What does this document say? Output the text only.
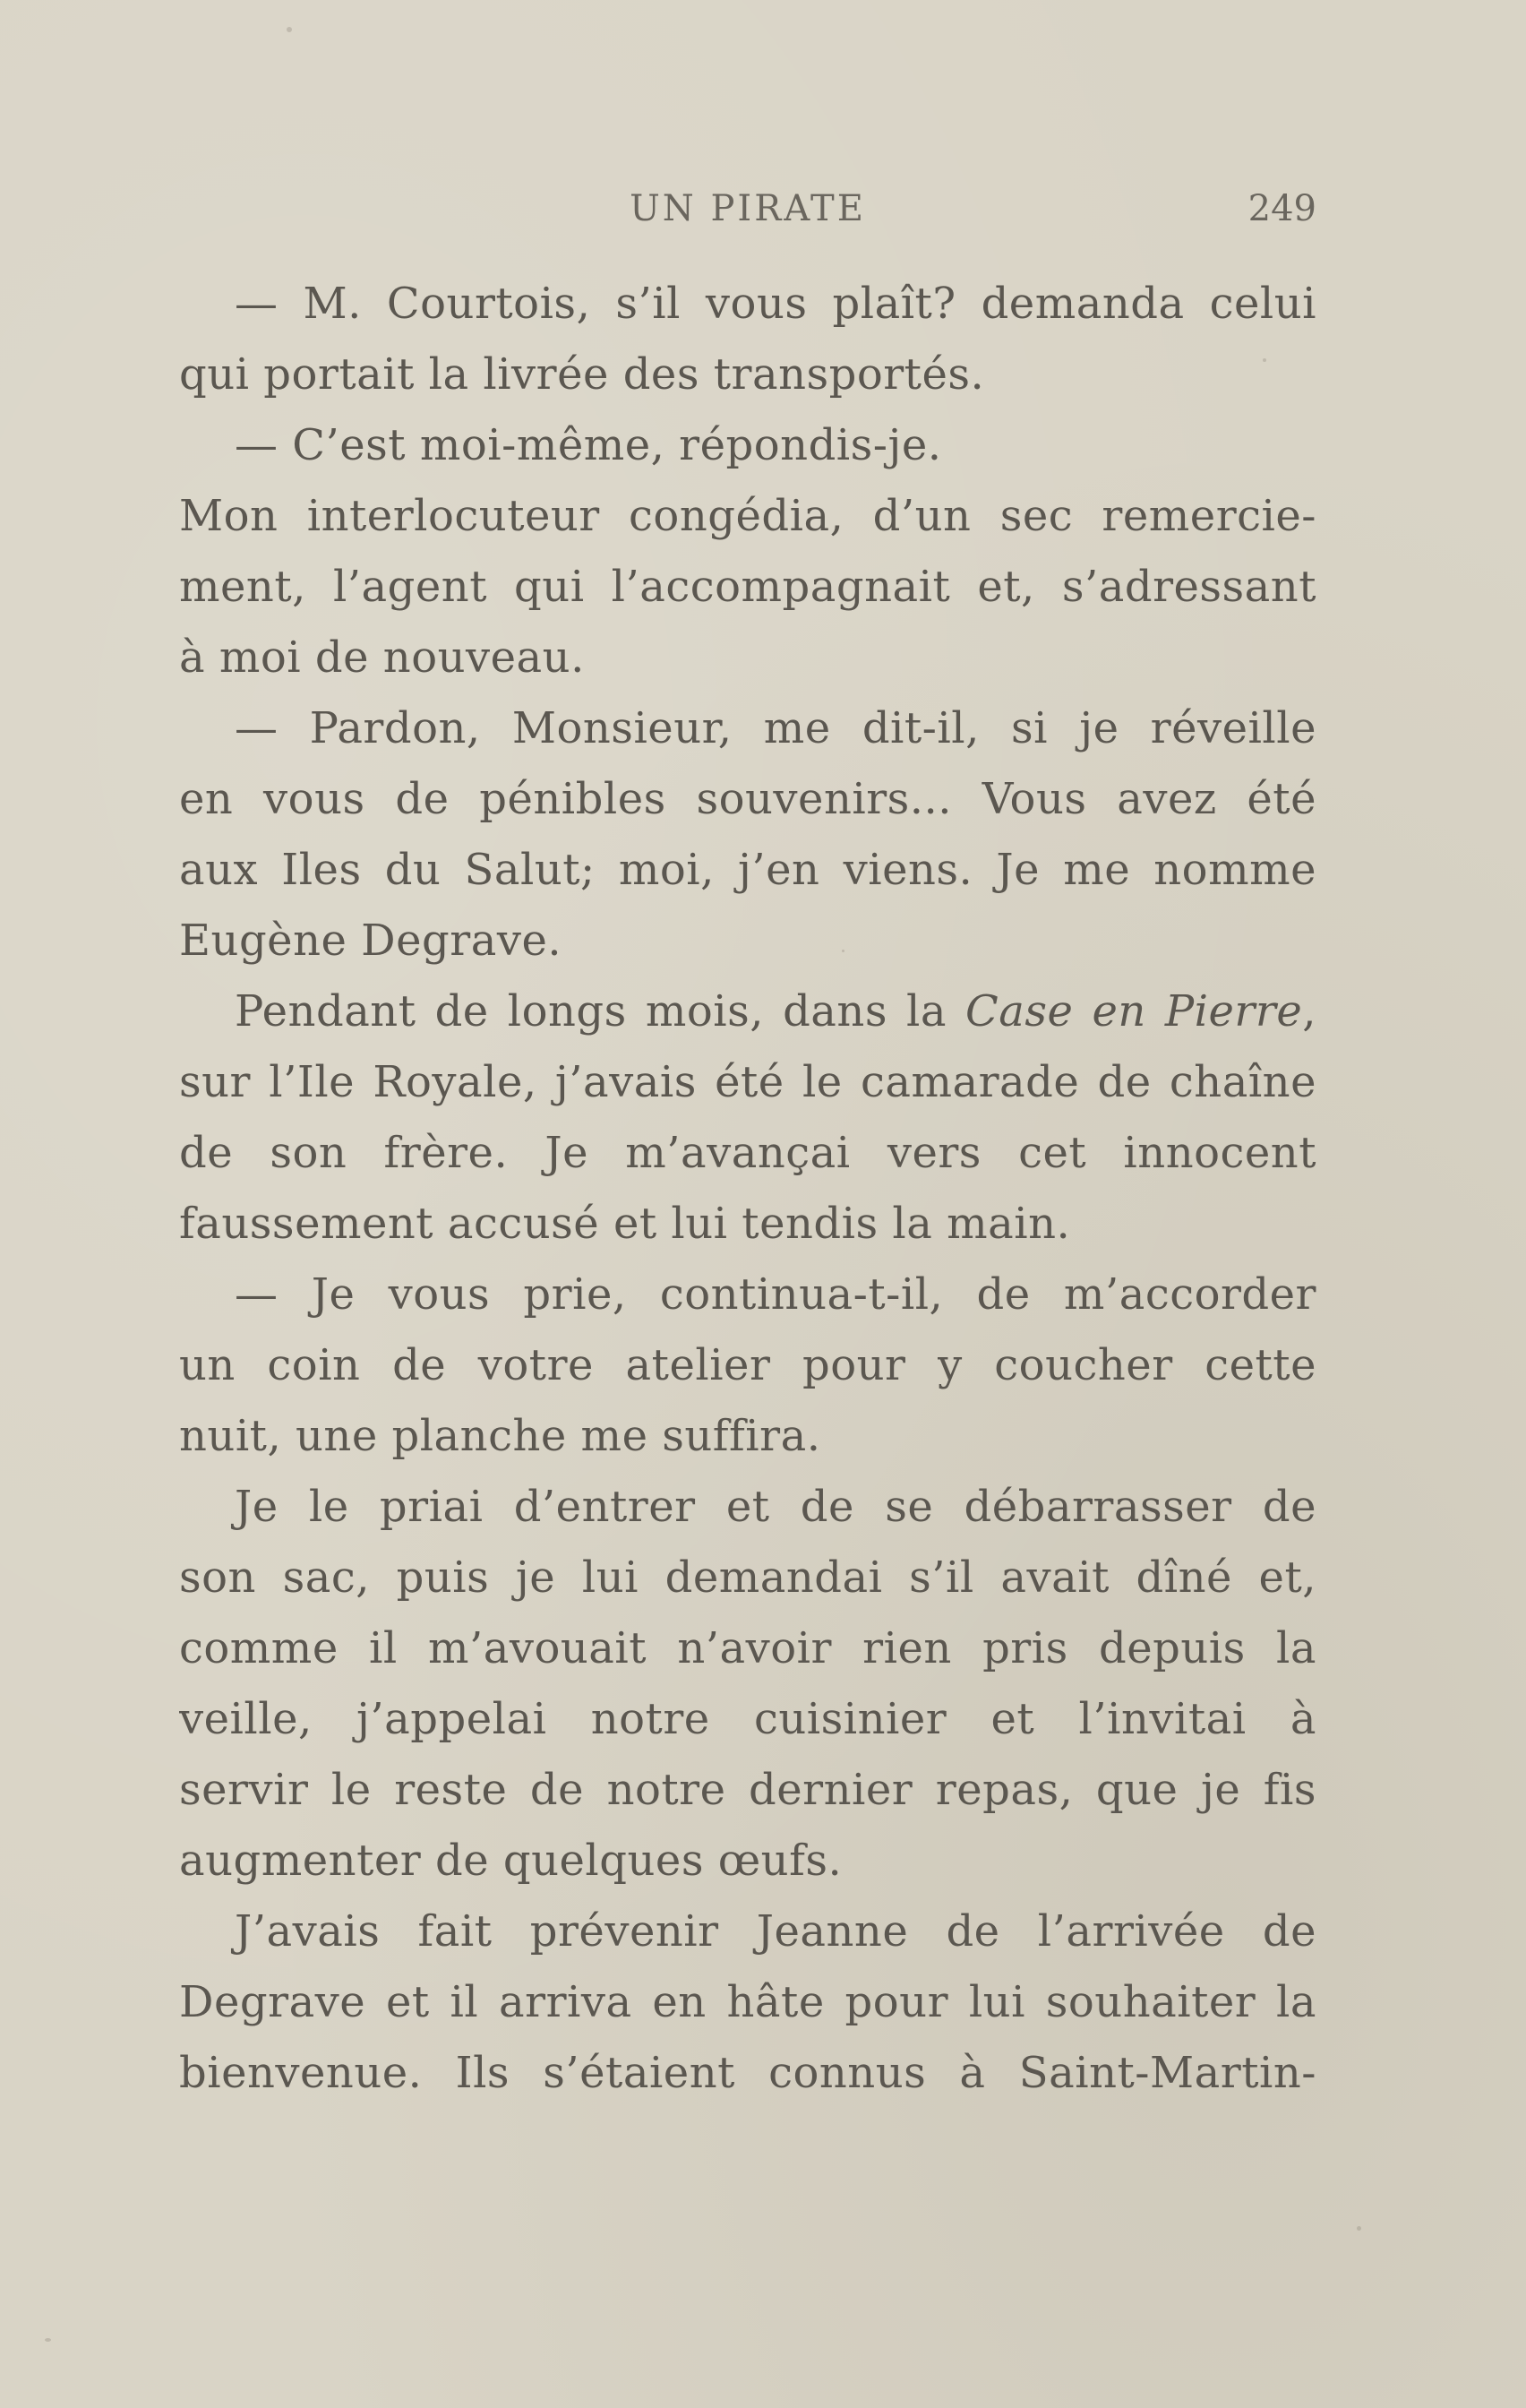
UN PIRATE	249
— M. Courtois, s’il vous plaît? demanda celui
qui portait la livrée des transportés.
— C’est moi-même, répondis-je.
Mon interlocuteur congédia, d’un sec remercie-
ment, l’agent qui l’accompagnait et, s’adressant
à moi de nouveau.
— Pardon, Monsieur, me dit-il, si je réveille
en vous de pénibles souvenirs... Vous avez été
aux Iles du Salut; moi, j’en viens. Je me nomme
Eugène Degrave.
Pendant de longs mois, dans la Case en Pierre,
sur l’Ile Royale, j’avais été le camarade de chaîne
de son frère. Je m’avançai vers cet innocent
faussement accusé et lui tendis la main.
— Je vous prie, continua-t-il, de m’accorder
un coin de votre atelier pour y coucher cette
nuit, une planche me suffira.
Je le priai d’entrer et de se débarrasser de
son sac, puis je lui demandai s’il avait dîné et,
comme il m’avouait n’avoir rien pris depuis la
veille, j’appelai notre cuisinier et l’invitai à
servir le reste de notre dernier repas, que je fis
augmenter de quelques œufs.
J’avais fait prévenir Jeanne de l’arrivée de
Degrave et il arriva en hâte pour lui souhaiter la
bienvenue. Ils s’étaient connus à Saint-Martin-
